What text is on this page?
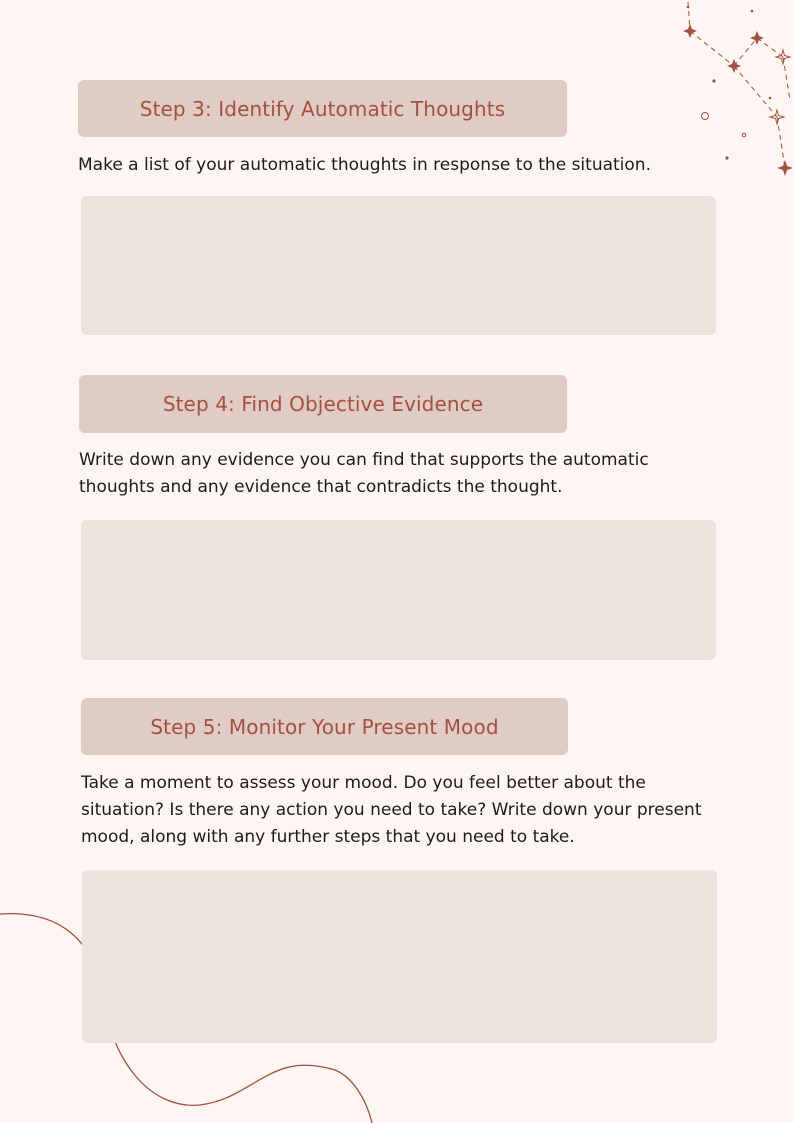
Step 3: Identify Automatic Thoughts

Make a list of your automatic thoughts in response to the situation.

Step 4: Find Objective Evidence

Write down any evidence you can find that supports the automatic thoughts and any evidence that contradicts the thought.

Step 5: Monitor Your Present Mood

Take a moment to assess your mood. Do you feel better about the situation? Is there any action you need to take? Write down your present mood, along with any further steps that you need to take.
